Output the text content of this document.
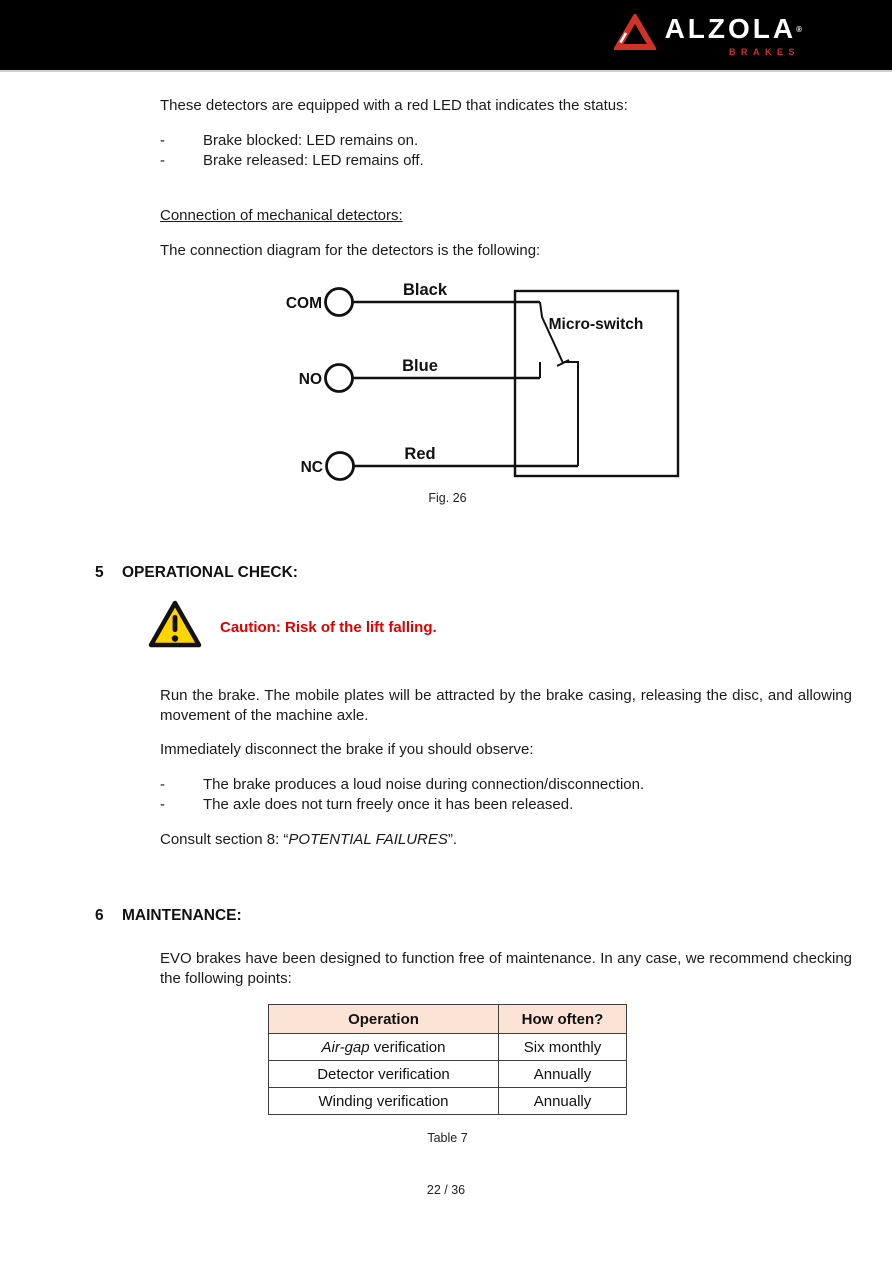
ALZOLA ®
BRAKES

These detectors are equipped with a red LED that indicates the status:

-	Brake blocked: LED remains on.
-	Brake released: LED remains off.

Connection of mechanical detectors:

The connection diagram for the detectors is the following:

COM
NO
NC
Black
Blue
Red
Micro-switch
Fig. 26
5	OPERATIONAL CHECK:
Caution: Risk of the lift falling.

Run the brake. The mobile plates will be attracted by the brake casing, releasing the disc, and allowing movement of the machine axle.

Immediately disconnect the brake if you should observe:

-	The brake produces a loud noise during connection/disconnection.
-	The axle does not turn freely once it has been released.

Consult section 8: “POTENTIAL FAILURES”.

6	MAINTENANCE:

EVO brakes have been designed to function free of maintenance. In any case, we recommend checking the following points:

Operation	How often?
Air-gap verification	Six monthly
Detector verification	Annually
Winding verification	Annually
Table 7
22 / 36
